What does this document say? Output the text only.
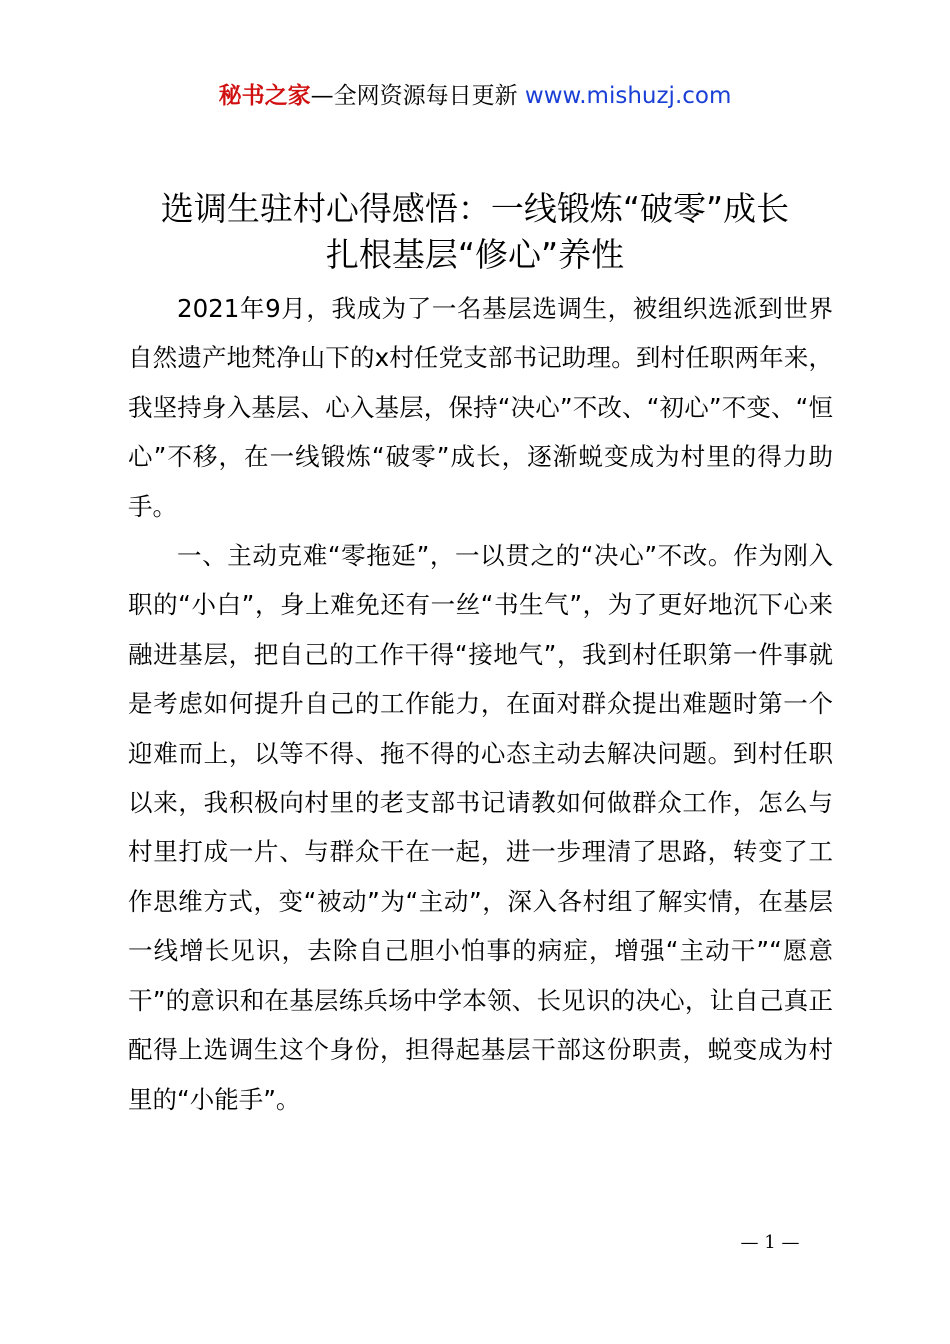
秘书之家—全网资源每日更新 www.mishuzj.com
选调生驻村心得感悟：一线锻炼“破零”成长
扎根基层“修心”养性

2021年9月，我成为了一名基层选调生，被组织选派到世界自然遗产地梵净山下的x村任党支部书记助理。到村任职两年来，我坚持身入基层、心入基层，保持“决心”不改、“初心”不变、“恒心”不移，在一线锻炼“破零”成长，逐渐蜕变成为村里的得力助手。

一、主动克难“零拖延”，一以贯之的“决心”不改。作为刚入职的“小白”，身上难免还有一丝“书生气”，为了更好地沉下心来融进基层，把自己的工作干得“接地气”，我到村任职第一件事就是考虑如何提升自己的工作能力，在面对群众提出难题时第一个迎难而上，以等不得、拖不得的心态主动去解决问题。到村任职以来，我积极向村里的老支部书记请教如何做群众工作，怎么与村里打成一片、与群众干在一起，进一步理清了思路，转变了工作思维方式，变“被动”为“主动”，深入各村组了解实情，在基层一线增长见识，去除自己胆小怕事的病症，增强“主动干”“愿意干”的意识和在基层练兵场中学本领、长见识的决心，让自己真正配得上选调生这个身份，担得起基层干部这份职责，蜕变成为村里的“小能手”。

— 1 —
